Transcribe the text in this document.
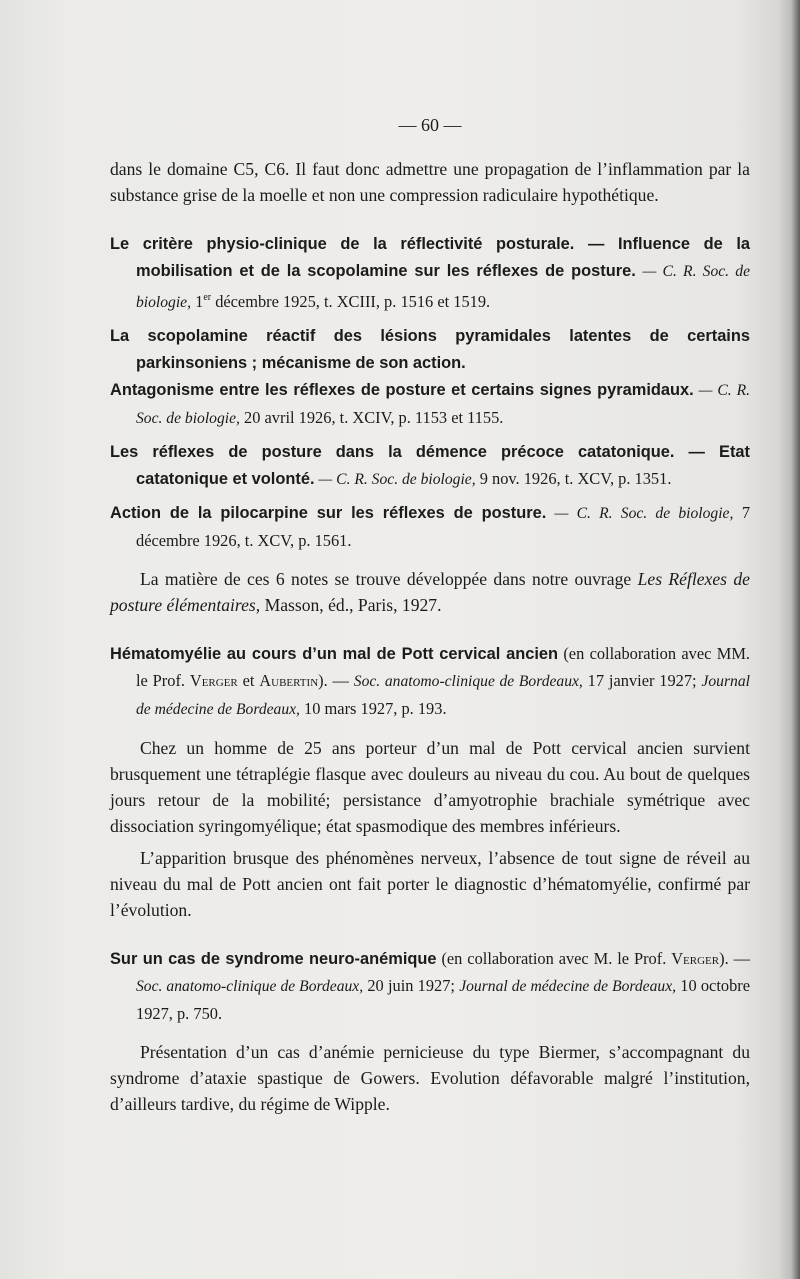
— 60 —

dans le domaine C5, C6. Il faut donc admettre une propagation de l’inflammation par la substance grise de la moelle et non une compression radiculaire hypothétique.

Le critère physio-clinique de la réflectivité posturale. — Influence de la mobilisation et de la scopolamine sur les réflexes de posture. — C. R. Soc. de biologie, 1er décembre 1925, t. XCIII, p. 1516 et 1519.

La scopolamine réactif des lésions pyramidales latentes de certains parkinsoniens ; mécanisme de son action.

Antagonisme entre les réflexes de posture et certains signes pyramidaux. — C. R. Soc. de biologie, 20 avril 1926, t. XCIV, p. 1153 et 1155.

Les réflexes de posture dans la démence précoce catatonique. — Etat catatonique et volonté. — C. R. Soc. de biologie, 9 nov. 1926, t. XCV, p. 1351.

Action de la pilocarpine sur les réflexes de posture. — C. R. Soc. de biologie, 7 décembre 1926, t. XCV, p. 1561.

La matière de ces 6 notes se trouve développée dans notre ouvrage Les Réflexes de posture élémentaires, Masson, éd., Paris, 1927.

Hématomyélie au cours d’un mal de Pott cervical ancien (en collaboration avec MM. le Prof. Verger et Aubertin). — Soc. anatomo-clinique de Bordeaux, 17 janvier 1927; Journal de médecine de Bordeaux, 10 mars 1927, p. 193.

Chez un homme de 25 ans porteur d’un mal de Pott cervical ancien survient brusquement une tétraplégie flasque avec douleurs au niveau du cou. Au bout de quelques jours retour de la mobilité; persistance d’amyotrophie brachiale symétrique avec dissociation syringomyélique; état spasmodique des membres inférieurs.

L’apparition brusque des phénomènes nerveux, l’absence de tout signe de réveil au niveau du mal de Pott ancien ont fait porter le diagnostic d’hématomyélie, confirmé par l’évolution.

Sur un cas de syndrome neuro-anémique (en collaboration avec M. le Prof. Verger). — Soc. anatomo-clinique de Bordeaux, 20 juin 1927; Journal de médecine de Bordeaux, 10 octobre 1927, p. 750.

Présentation d’un cas d’anémie pernicieuse du type Biermer, s’accompagnant du syndrome d’ataxie spastique de Gowers. Evolution défavorable malgré l’institution, d’ailleurs tardive, du régime de Wipple.
